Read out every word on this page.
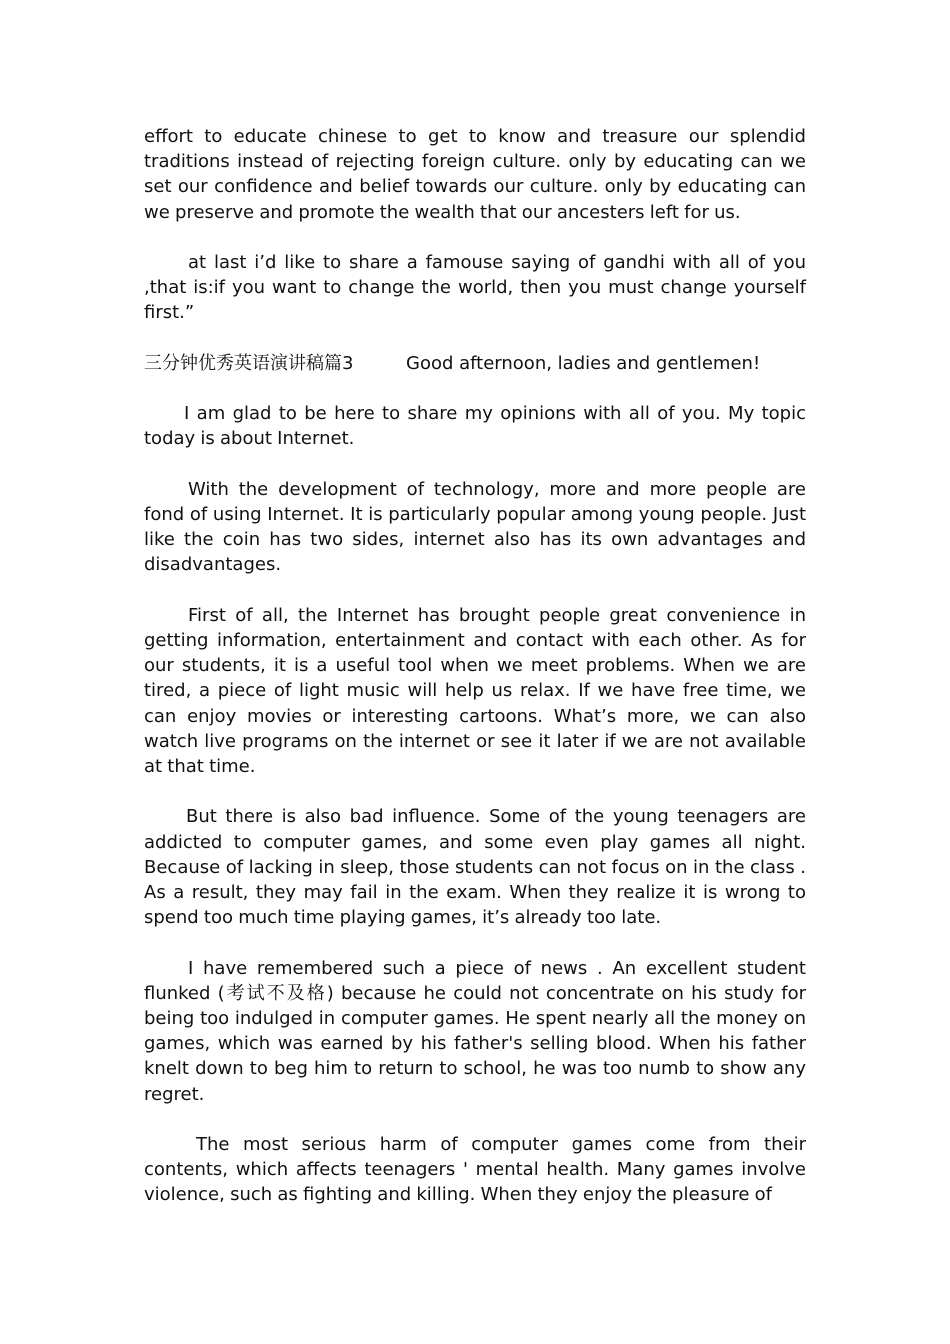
effort to educate chinese to get to know and treasure our splendid traditions instead of rejecting foreign culture. only by educating can we set our confidence and belief towards our culture. only by educating can we preserve and promote the wealth that our ancesters left for us.

at last i’d like to share a famouse saying of gandhi with all of you ,that is:if you want to change the world, then you must change yourself first.”

三分钟优秀英语演讲稿篇3	Good afternoon, ladies and gentlemen!

I am glad to be here to share my opinions with all of you. My topic today is about Internet.

With the development of technology, more and more people are fond of using Internet. It is particularly popular among young people. Just like the coin has two sides, internet also has its own advantages and disadvantages.

First of all, the Internet has brought people great convenience in getting information, entertainment and contact with each other. As for our students, it is a useful tool when we meet problems. When we are tired, a piece of light music will help us relax. If we have free time, we can enjoy movies or interesting cartoons. What’s more, we can also watch live programs on the internet or see it later if we are not available at that time.

But there is also bad influence. Some of the young teenagers are addicted to computer games, and some even play games all night. Because of lacking in sleep, those students can not focus on in the class . As a result, they may fail in the exam. When they realize it is wrong to spend too much time playing games, it’s already too late.

I have remembered such a piece of news . An excellent student flunked (考试不及格) because he could not concentrate on his study for being too indulged in computer games. He spent nearly all the money on games, which was earned by his father's selling blood. When his father knelt down to beg him to return to school, he was too numb to show any regret.

The most serious harm of computer games come from their contents, which affects teenagers ' mental health. Many games involve violence, such as fighting and killing. When they enjoy the pleasure of
